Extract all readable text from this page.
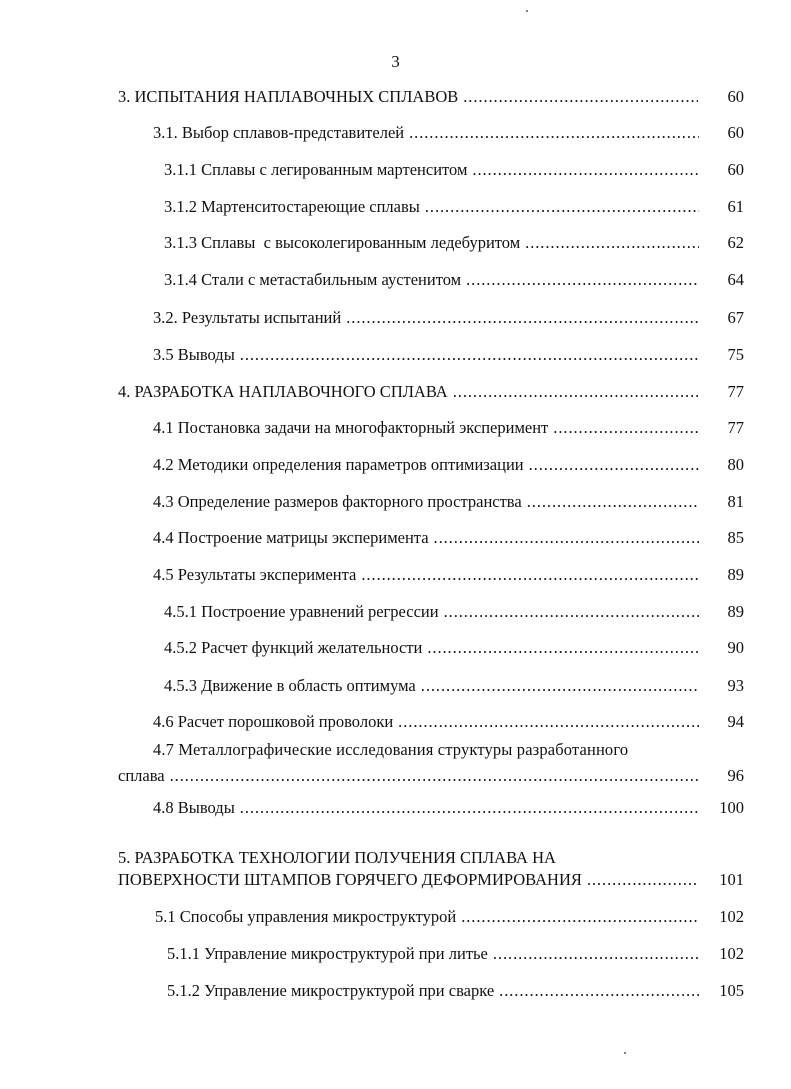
3
3. ИСПЫТАНИЯ НАПЛАВОЧНЫХ СПЛАВОВ . . .	60
3.1. Выбор сплавов-представителей . . .	60
3.1.1 Сплавы с легированным мартенситом . . .	60
3.1.2 Мартенситостареющие сплавы . . .	61
3.1.3 Сплавы  с высоколегированным ледебуритом . . .	62
3.1.4 Стали с метастабильным аустенитом . . .	64
3.2. Результаты испытаний . . .	67
3.5 Выводы . . .	75
4. РАЗРАБОТКА НАПЛАВОЧНОГО СПЛАВА . . .	77
4.1 Постановка задачи на многофакторный эксперимент . . .	77
4.2 Методики определения параметров оптимизации . . .	80
4.3 Определение размеров факторного пространства . . .	81
4.4 Построение матрицы эксперимента . . .	85
4.5 Результаты эксперимента . . .	89
4.5.1 Построение уравнений регрессии . . .	89
4.5.2 Расчет функций желательности . . .	90
4.5.3 Движение в область оптимума . . .	93
4.6 Расчет порошковой проволоки . . .	94
4.7 Металлографические исследования структуры разработанного
сплава . . .	96
4.8 Выводы . . .	100
5. РАЗРАБОТКА ТЕХНОЛОГИИ ПОЛУЧЕНИЯ СПЛАВА НА
ПОВЕРХНОСТИ ШТАМПОВ ГОРЯЧЕГО ДЕФОРМИРОВАНИЯ . . .	101
5.1 Способы управления микроструктурой . . .	102
5.1.1 Управление микроструктурой при литье . . .	102
5.1.2 Управление микроструктурой при сварке . . .	105
